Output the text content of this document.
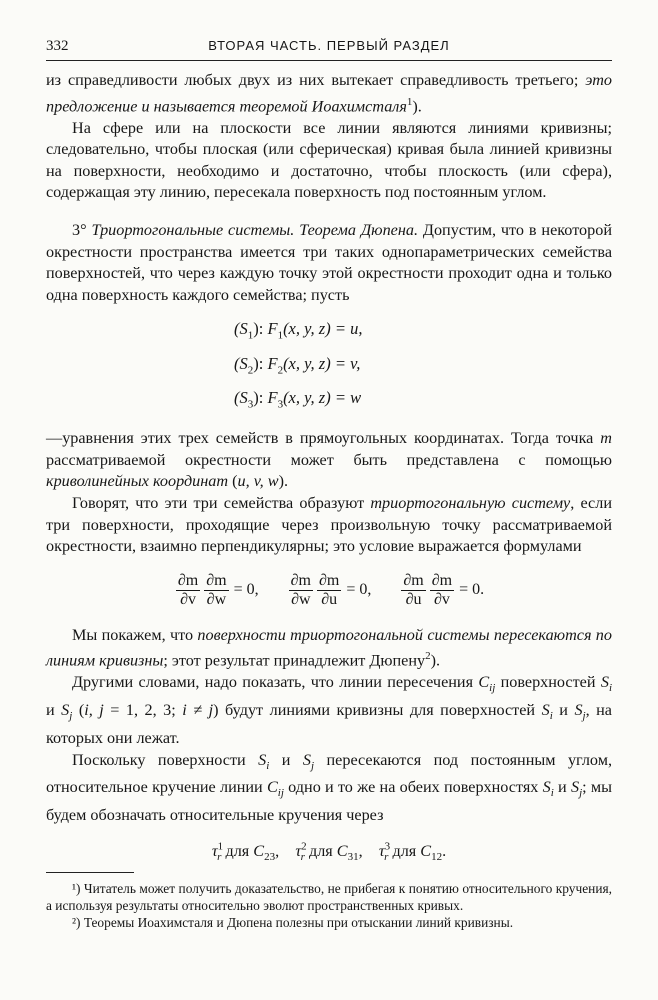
332	ВТОРАЯ ЧАСТЬ. ПЕРВЫЙ РАЗДЕЛ

из справедливости любых двух из них вытекает справедливость третьего; это предложение и называется теоремой Иоахимсталя$^1$).

На сфере или на плоскости все линии являются линиями кривизны; следовательно, чтобы плоская (или сферическая) кривая была линией кривизны на поверхности, необходимо и достаточно, чтобы плоскость (или сфера), содержащая эту линию, пересекала поверхность под постоянным углом.

3° Триортогональные системы. Теорема Дюпена. Допустим, что в некоторой окрестности пространства имеется три таких однопараметрических семейства поверхностей, что через каждую точку этой окрестности проходит одна и только одна поверхность каждого семейства; пусть

$(S_1)$: $F_1(x$, y, z) = u,
$(S_2)$: $F_2(x$, y, z) = v,
$(S_3)$: $F_3(x$, y, z) = w

—уравнения этих трех семейств в прямоугольных координатах. Тогда точка m рассматриваемой окрестности может быть представлена с помощью криволинейных координат (u, v, w).

Говорят, что эти три семейства образуют триортогональную систему, если три поверхности, проходящие через произвольную точку рассматриваемой окрестности, взаимно перпендикулярны; это условие выражается формулами

$\frac{\partial m}{\partial v} \frac{\partial m}{\partial w} = 0$, $\frac{\partial m}{\partial w} \frac{\partial m}{\partial u} = 0$, $\frac{\partial m}{\partial u} \frac{\partial m}{\partial v} = 0$.

Мы покажем, что поверхности триортогональной системы пересекаются по линиям кривизны; этот результат принадлежит Дюпену$^2$).

Другими словами, надо показать, что линии пересечения $C_{ij}$ поверхностей $S_i$ и $S_j$ (i, j = 1, 2, 3; i ≠ j) будут линиями кривизны для поверхностей $S_i$ и $S_j$, на которых они лежат.

Поскольку поверхности $S_i$ и $S_j$ пересекаются под постоянным углом, относительное кручение линии $C_{ij}$ одно и то же на обеих поверхностях $S_i$ и $S_j$; мы будем обозначать относительные кручения через

$\tau^1_r$ для $C_{23}$,    $\tau^2_r$ для $C_{31}$,    $\tau^3_r$ для $C_{12}$.

¹) Читатель может получить доказательство, не прибегая к понятию относительного кручения, а используя результаты относительно эволют пространственных кривых.

²) Теоремы Иоахимсталя и Дюпена полезны при отыскании линий кривизны.
